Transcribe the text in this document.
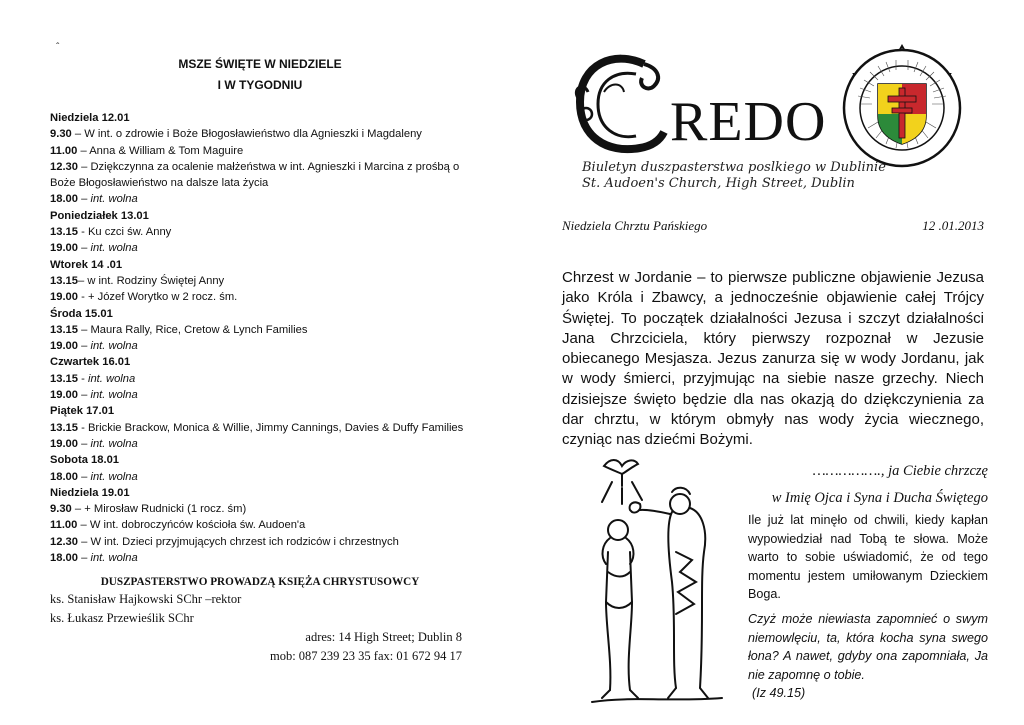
ˆ
MSZE ŚWIĘTE W NIEDZIELE
I W TYGODNIU
Niedziela 12.01
9.30 – W int. o zdrowie i Boże Błogosławieństwo dla Agnieszki i Magdaleny
11.00 – Anna & William & Tom Maguire
12.30 – Dziękczynna za ocalenie małżeństwa w int. Agnieszki i Marcina z prośbą o Boże Błogosławieństwo na dalsze lata życia
18.00 – int. wolna
Poniedziałek 13.01
13.15 - Ku czci św. Anny
19.00 – int. wolna
Wtorek 14 .01
13.15– w int. Rodziny Świętej Anny
19.00 - + Józef Worytko w 2 rocz. śm.
Środa 15.01
13.15 – Maura Rally, Rice, Cretow & Lynch Families
19.00 – int. wolna
Czwartek 16.01
13.15 - int. wolna
19.00 – int. wolna
Piątek 17.01
13.15 - Brickie Brackow, Monica & Willie, Jimmy Cannings, Davies & Duffy Families
19.00 – int. wolna
Sobota 18.01
18.00 – int. wolna
Niedziela 19.01
9.30 – + Mirosław Rudnicki (1 rocz. śm)
11.00 – W int. dobroczyńców kościoła św. Audoen'a
12.30 – W int. Dzieci przyjmujących chrzest ich rodziców i chrzestnych
18.00 – int. wolna
DUSZPASTERSTWO PROWADZĄ KSIĘŻA CHRYSTUSOWCY
ks. Stanisław Hajkowski SChr –rektor
ks. Łukasz Przewieślik SChr
adres: 14 High Street; Dublin 8
mob: 087 239 23 35 fax: 01 672 94 17
REDO
Biuletyn duszpasterstwa poslkiego w Dublinie
St. Audoen's Church, High Street, Dublin
Niedziela Chrztu Pańskiego	12 .01.2013
Chrzest w Jordanie – to pierwsze publiczne objawienie Jezusa jako Króla i Zbawcy, a jednocześnie objawienie całej Trójcy Świętej. To początek działalności Jezusa i szczyt działalności Jana Chrzciciela, który pierwszy rozpoznał w Jezusie obiecanego Mesjasza. Jezus zanurza się w wody Jordanu, jak w wody śmierci, przyjmując na siebie nasze grzechy. Niech dzisiejsze święto będzie dla nas okazją do dziękczynienia za dar chrztu, w którym obmyły nas wody życia wiecznego, czyniąc nas dziećmi Bożymi.
……………., ja Ciebie chrzczę
w Imię Ojca i Syna i Ducha Świętego
Ile już lat minęło od chwili, kiedy kapłan wypowiedział nad Tobą te słowa. Może warto to sobie uświadomić, że od tego momentu jestem umiłowanym Dzieckiem Boga.
Czyż może niewiasta zapomnieć o swym niemowlęciu, ta, która kocha syna swego łona? A nawet, gdyby ona zapomniała, Ja nie zapomnę o tobie.
(Iz 49.15)
